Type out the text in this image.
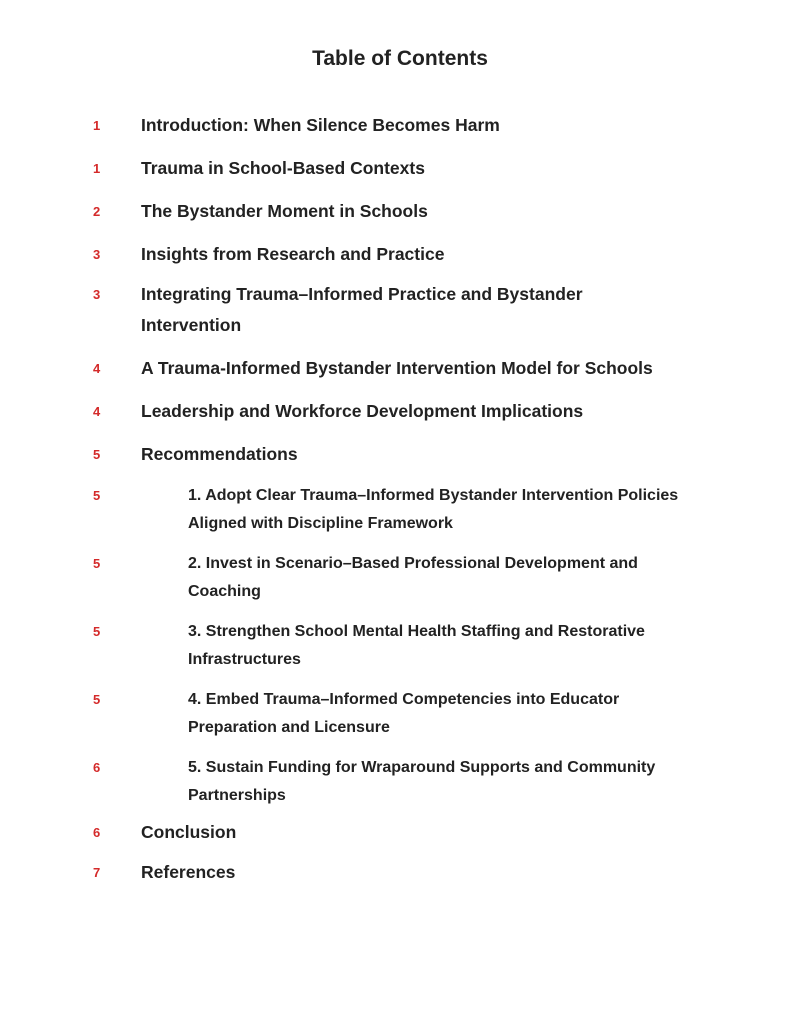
Table of Contents
1	Introduction: When Silence Becomes Harm
1	Trauma in School-Based Contexts
2	The Bystander Moment in Schools
3	Insights from Research and Practice
3	Integrating Trauma–Informed Practice and Bystander Intervention
4	A Trauma-Informed Bystander Intervention Model for Schools
4	Leadership and Workforce Development Implications
5	Recommendations
5	1. Adopt Clear Trauma–Informed Bystander Intervention Policies Aligned with Discipline Framework
5	2. Invest in Scenario–Based Professional Development and Coaching
5	3. Strengthen School Mental Health Staffing and Restorative Infrastructures
5	4. Embed Trauma–Informed Competencies into Educator Preparation and Licensure
6	5. Sustain Funding for Wraparound Supports and Community Partnerships
6	Conclusion
7	References
